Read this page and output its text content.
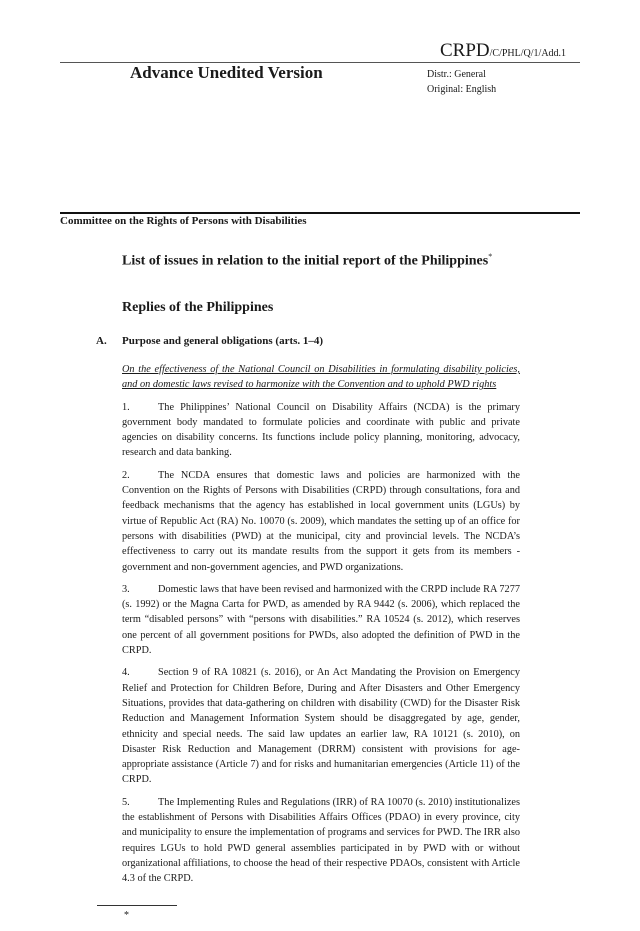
CRPD/C/PHL/Q/1/Add.1
Advance Unedited Version	Distr.: General
Original: English
Committee on the Rights of Persons with Disabilities
List of issues in relation to the initial report of the Philippines*
Replies of the Philippines
A. Purpose and general obligations (arts. 1–4)
On the effectiveness of the National Council on Disabilities in formulating disability policies, and on domestic laws revised to harmonize with the Convention and to uphold PWD rights
1.	The Philippines’ National Council on Disability Affairs (NCDA) is the primary government body mandated to formulate policies and coordinate with public and private agencies on disability concerns. Its functions include policy planning, monitoring, advocacy, research and data banking.
2.	The NCDA ensures that domestic laws and policies are harmonized with the Convention on the Rights of Persons with Disabilities (CRPD) through consultations, fora and feedback mechanisms that the agency has established in local government units (LGUs) by virtue of Republic Act (RA) No. 10070 (s. 2009), which mandates the setting up of an office for persons with disabilities (PWD) at the municipal, city and provincial levels. The NCDA’s effectiveness to carry out its mandate results from the support it gets from its members - government and non-government agencies, and PWD organizations.
3.	Domestic laws that have been revised and harmonized with the CRPD include RA 7277 (s. 1992) or the Magna Carta for PWD, as amended by RA 9442 (s. 2006), which replaced the term “disabled persons” with “persons with disabilities.” RA 10524 (s. 2012), which reserves one percent of all government positions for PWDs, also adopted the definition of PWD in the CRPD.
4.	Section 9 of RA 10821 (s. 2016), or An Act Mandating the Provision on Emergency Relief and Protection for Children Before, During and After Disasters and Other Emergency Situations, provides that data-gathering on children with disability (CWD) for the Disaster Risk Reduction and Management Information System should be disaggregated by age, gender, ethnicity and special needs. The said law updates an earlier law, RA 10121 (s. 2010), on Disaster Risk Reduction and Management (DRRM) consistent with provisions for age-appropriate assistance (Article 7) and for risks and humanitarian emergencies (Article 11) of the CRPD.
5.	The Implementing Rules and Regulations (IRR) of RA 10070 (s. 2010) institutionalizes the establishment of Persons with Disabilities Affairs Offices (PDAO) in every province, city and municipality to ensure the implementation of programs and services for PWD. The IRR also requires LGUs to hold PWD general assemblies participated in by PWD with or without organizational affiliations, to choose the head of their respective PDAOs, consistent with Article 4.3 of the CRPD.
*
